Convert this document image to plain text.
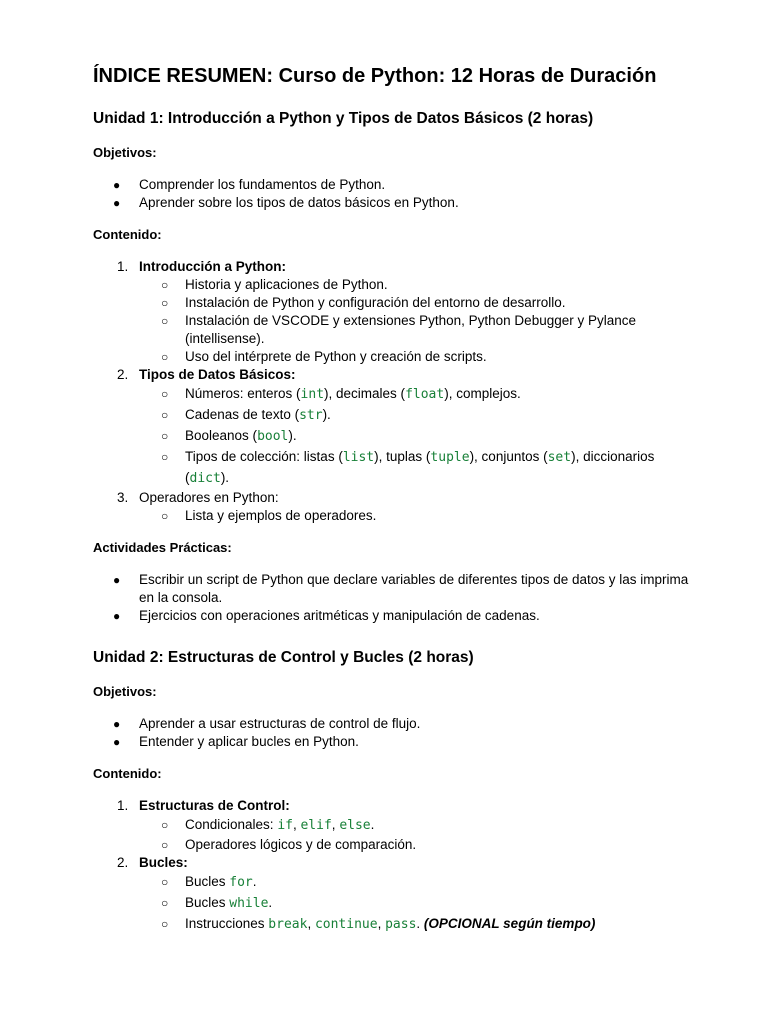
ÍNDICE RESUMEN: Curso de Python: 12 Horas de Duración
Unidad 1: Introducción a Python y Tipos de Datos Básicos (2 horas)
Objetivos:
● Comprender los fundamentos de Python.
● Aprender sobre los tipos de datos básicos en Python.
Contenido:
1. Introducción a Python:
○ Historia y aplicaciones de Python.
○ Instalación de Python y configuración del entorno de desarrollo.
○ Instalación de VSCODE y extensiones Python, Python Debugger y Pylance (intellisense).
○ Uso del intérprete de Python y creación de scripts.
2. Tipos de Datos Básicos:
○ Números: enteros (int), decimales (float), complejos.
○ Cadenas de texto (str).
○ Booleanos (bool).
○ Tipos de colección: listas (list), tuplas (tuple), conjuntos (set), diccionarios (dict).
3. Operadores en Python:
○ Lista y ejemplos de operadores.
Actividades Prácticas:
● Escribir un script de Python que declare variables de diferentes tipos de datos y las imprima en la consola.
● Ejercicios con operaciones aritméticas y manipulación de cadenas.
Unidad 2: Estructuras de Control y Bucles (2 horas)
Objetivos:
● Aprender a usar estructuras de control de flujo.
● Entender y aplicar bucles en Python.
Contenido:
1. Estructuras de Control:
○ Condicionales: if, elif, else.
○ Operadores lógicos y de comparación.
2. Bucles:
○ Bucles for.
○ Bucles while.
○ Instrucciones break, continue, pass. (OPCIONAL según tiempo)
